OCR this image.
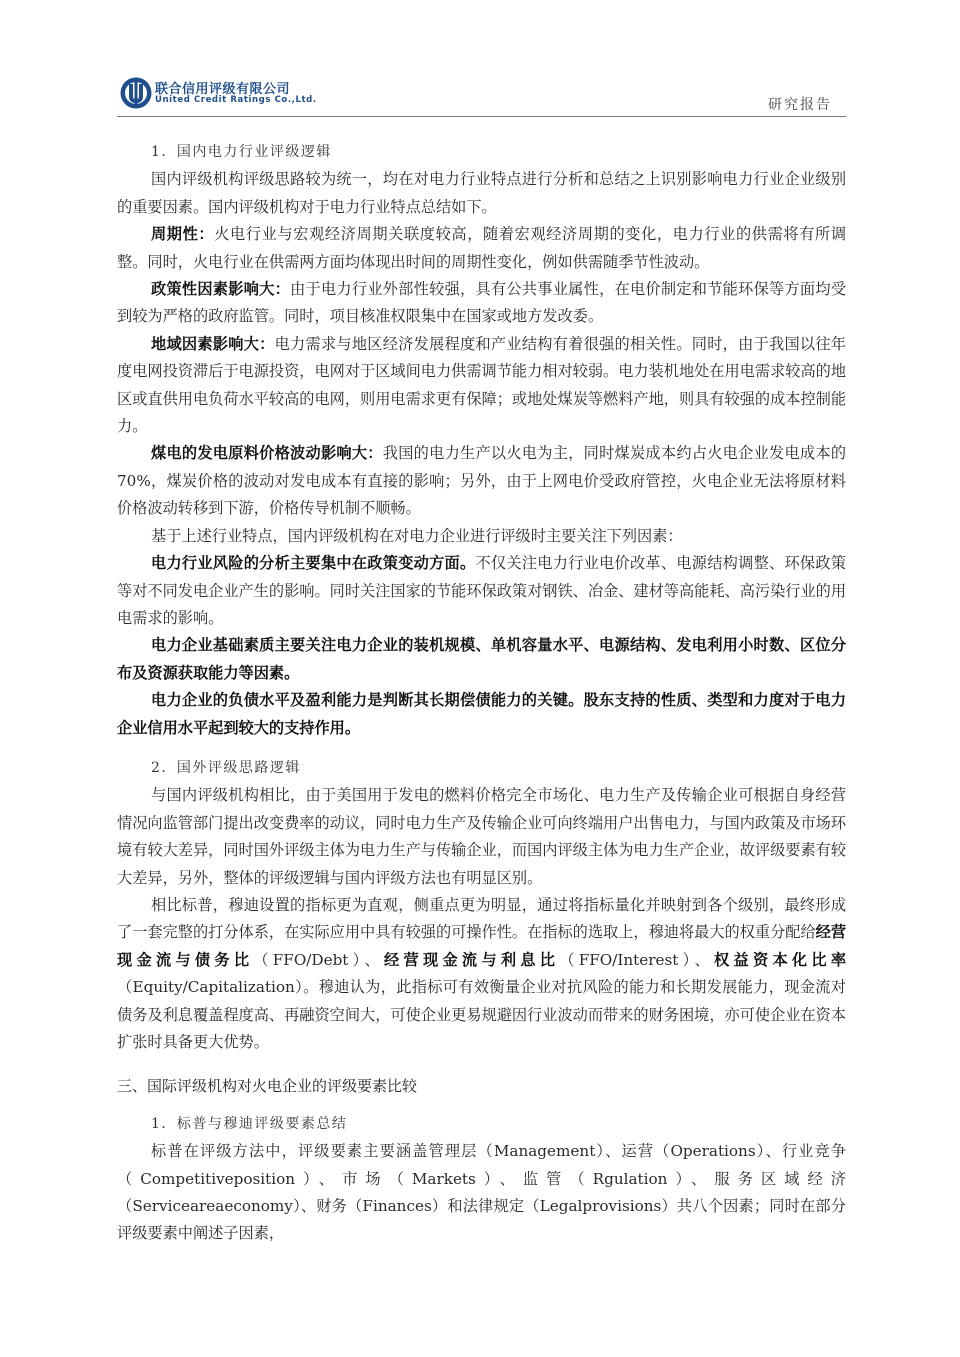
联合信用评级有限公司
United Credit Ratings Co.,Ltd.	研究报告

1．国内电力行业评级逻辑

国内评级机构评级思路较为统一，均在对电力行业特点进行分析和总结之上识别影响电力行业企业级别的重要因素。国内评级机构对于电力行业特点总结如下。

周期性：火电行业与宏观经济周期关联度较高，随着宏观经济周期的变化，电力行业的供需将有所调整。同时，火电行业在供需两方面均体现出时间的周期性变化，例如供需随季节性波动。

政策性因素影响大：由于电力行业外部性较强，具有公共事业属性，在电价制定和节能环保等方面均受到较为严格的政府监管。同时，项目核准权限集中在国家或地方发改委。

地域因素影响大：电力需求与地区经济发展程度和产业结构有着很强的相关性。同时，由于我国以往年度电网投资滞后于电源投资，电网对于区域间电力供需调节能力相对较弱。电力装机地处在用电需求较高的地区或直供用电负荷水平较高的电网，则用电需求更有保障；或地处煤炭等燃料产地，则具有较强的成本控制能力。

煤电的发电原料价格波动影响大：我国的电力生产以火电为主，同时煤炭成本约占火电企业发电成本的 70%，煤炭价格的波动对发电成本有直接的影响；另外，由于上网电价受政府管控，火电企业无法将原材料价格波动转移到下游，价格传导机制不顺畅。

基于上述行业特点，国内评级机构在对电力企业进行评级时主要关注下列因素：

电力行业风险的分析主要集中在政策变动方面。不仅关注电力行业电价改革、电源结构调整、环保政策等对不同发电企业产生的影响。同时关注国家的节能环保政策对钢铁、冶金、建材等高能耗、高污染行业的用电需求的影响。

电力企业基础素质主要关注电力企业的装机规模、单机容量水平、电源结构、发电利用小时数、区位分布及资源获取能力等因素。

电力企业的负债水平及盈利能力是判断其长期偿债能力的关键。股东支持的性质、类型和力度对于电力企业信用水平起到较大的支持作用。

2．国外评级思路逻辑

与国内评级机构相比，由于美国用于发电的燃料价格完全市场化、电力生产及传输企业可根据自身经营情况向监管部门提出改变费率的动议，同时电力生产及传输企业可向终端用户出售电力，与国内政策及市场环境有较大差异，同时国外评级主体为电力生产与传输企业，而国内评级主体为电力生产企业，故评级要素有较大差异，另外，整体的评级逻辑与国内评级方法也有明显区别。

相比标普，穆迪设置的指标更为直观，侧重点更为明显，通过将指标量化并映射到各个级别，最终形成了一套完整的打分体系，在实际应用中具有较强的可操作性。在指标的选取上，穆迪将最大的权重分配给经营现金流与债务比（FFO/Debt）、经营现金流与利息比（FFO/Interest）、权益资本化比率（Equity/Capitalization）。穆迪认为，此指标可有效衡量企业对抗风险的能力和长期发展能力，现金流对债务及利息覆盖程度高、再融资空间大，可使企业更易规避因行业波动而带来的财务困境，亦可使企业在资本扩张时具备更大优势。

三、国际评级机构对火电企业的评级要素比较

1．标普与穆迪评级要素总结

标普在评级方法中，评级要素主要涵盖管理层（Management）、运营（Operations）、行业竞争（Competitiveposition）、市场（Markets）、监管（Rgulation）、服务区域经济（Serviceareaeconomy）、财务（Finances）和法律规定（Legalprovisions）共八个因素；同时在部分评级要素中阐述子因素，
